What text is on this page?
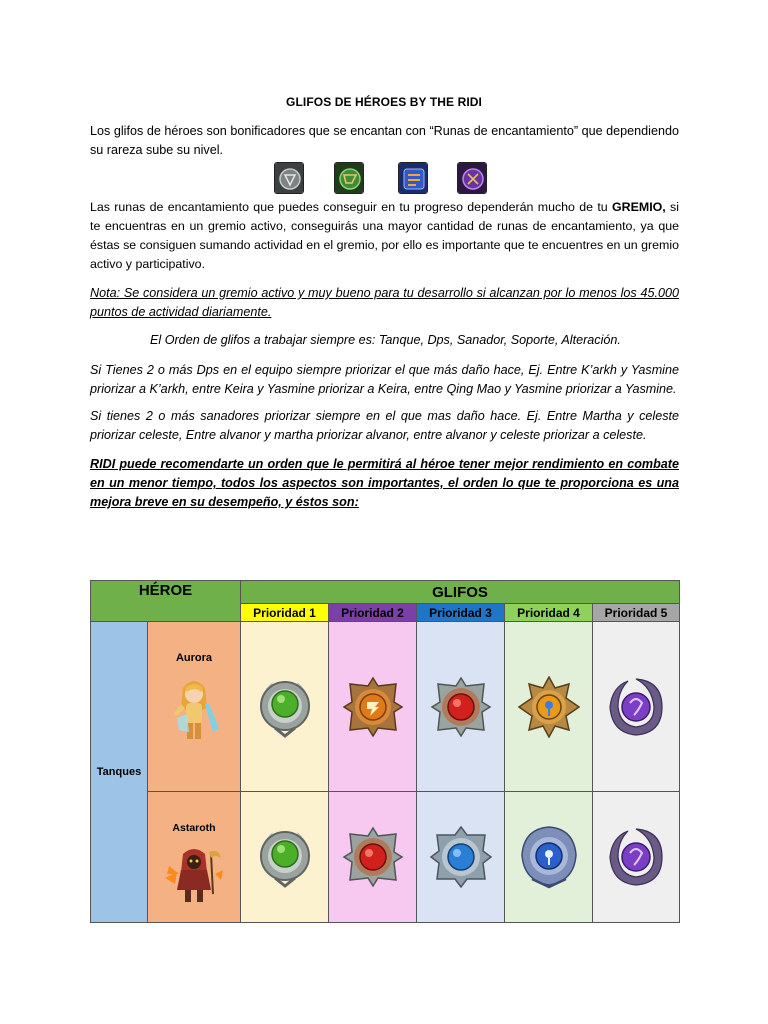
GLIFOS DE HÉROES BY THE RIDI
Los glifos de héroes son bonificadores que se encantan con “Runas de encantamiento” que dependiendo su rareza sube su nivel.
Las runas de encantamiento que puedes conseguir en tu progreso dependerán mucho de tu GREMIO, si te encuentras en un gremio activo, conseguirás una mayor cantidad de runas de encantamiento, ya que éstas se consiguen sumando actividad en el gremio, por ello es importante que te encuentres en un gremio activo y participativo.
Nota: Se considera un gremio activo y muy bueno para tu desarrollo si alcanzan por lo menos los 45.000 puntos de actividad diariamente.
El Orden de glifos a trabajar siempre es: Tanque, Dps, Sanador, Soporte, Alteración.
Si Tienes 2 o más Dps en el equipo siempre priorizar el que más daño hace, Ej. Entre K’arkh y Yasmine priorizar a K’arkh, entre Keira y Yasmine priorizar a Keira, entre Qing Mao y Yasmine priorizar a Yasmine.
Si tienes 2 o más sanadores priorizar siempre en el que mas daño hace. Ej. Entre Martha y celeste priorizar celeste, Entre alvanor y martha priorizar alvanor, entre alvanor y celeste priorizar a celeste.
RIDI puede recomendarte un orden que le permitirá al héroe tener mejor rendimiento en combate en un menor tiempo, todos los aspectos son importantes, el orden lo que te proporciona es una mejora breve en su desempeño, y éstos son:
HÉROE		GLIFOS				
		Prioridad 1	Prioridad 2	Prioridad 3	Prioridad 4	Prioridad 5
Tanques	Aurora

	Astaroth
